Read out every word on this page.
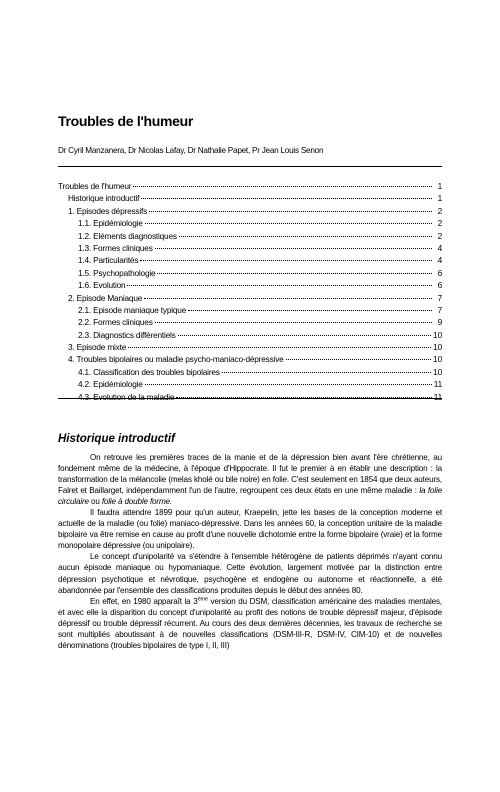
Troubles de l'humeur
Dr Cyril Manzanera, Dr Nicolas Lafay, Dr Nathalie Papet, Pr Jean Louis Senon
Troubles de l'humeur	1
Historique introductif	1
1. Episodes dépressifs	2
1.1. Epidémiologie	2
1.2. Eléments diagnostiques	2
1.3. Formes cliniques	4
1.4. Particularités	4
1.5. Psychopathologie	6
1.6. Evolution	6
2. Episode Maniaque	7
2.1. Episode maniaque typique	7
2.2. Formes cliniques	9
2.3. Diagnostics différentiels	10
3. Episode mixte	10
4. Troubles bipolaires ou maladie psycho-maniaco-dépressive	10
4.1. Classification des troubles bipolaires	10
4.2. Epidémiologie	11
4.3. Evolution de la maladie	11
Historique introductif

On retrouve les premières traces de la manie et de la dépression bien avant l'ère chrétienne, au fondement même de la médecine, à l'époque d'Hippocrate. Il fut le premier à en établir une description : la transformation de la mélancolie (melas kholé ou bile noire) en folie. C'est seulement en 1854 que deux auteurs, Falret et Baillarget, indépendamment l'un de l'autre, regroupent ces deux états en une même maladie : la folie circulaire ou folie à double forme.

Il faudra attendre 1899 pour qu'un auteur, Kraepelin, jette les bases de la conception moderne et actuelle de la maladie (ou folie) maniaco-dépressive. Dans les années 60, la conception unitaire de la maladie bipolaire va être remise en cause au profit d'une nouvelle dichotomie entre la forme bipolaire (vraie) et la forme monopolaire dépressive (ou unipolaire).

Le concept d'unipolarité va s'étendre à l'ensemble hétérogène de patients déprimés n'ayant connu aucun épisode maniaque ou hypomaniaque. Cette évolution, largement motivée par la distinction entre dépression psychotique et névrotique, psychogène et endogène ou autonome et réactionnelle, a été abandonnée par l'ensemble des classifications produites depuis le début des années 80.

En effet, en 1980 apparaît la 3ème version du DSM, classification américaine des maladies mentales, et avec elle la disparition du concept d'unipolarité au profit des notions de trouble dépressif majeur, d'épisode dépressif ou trouble dépressif récurrent. Au cours des deux dernières décennies, les travaux de recherche se sont multipliés aboutissant à de nouvelles classifications (DSM-III-R, DSM-IV, CIM-10) et de nouvelles dénominations (troubles bipolaires de type I, II, III)
